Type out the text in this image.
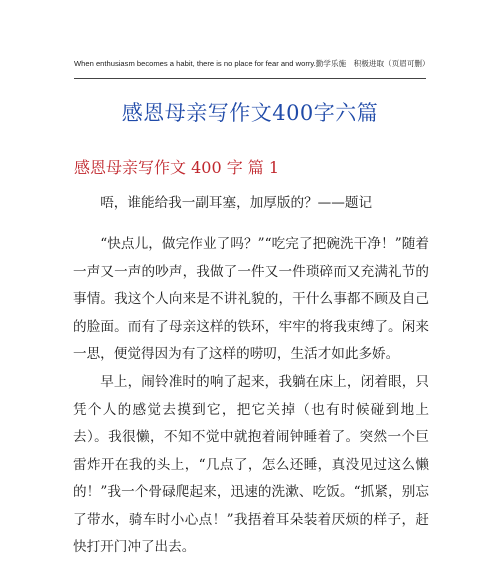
When enthusiasm becomes a habit, there is no place for fear and worry.勤学乐施　积极进取（页眉可删）
感恩母亲写作文400字六篇
感恩母亲写作文 400 字 篇 1

唔，谁能给我一副耳塞，加厚版的？——题记

“快点儿，做完作业了吗？”“吃完了把碗洗干净！”随着一声又一声的吵声，我做了一件又一件琐碎而又充满礼节的事情。我这个人向来是不讲礼貌的，干什么事都不顾及自己的脸面。而有了母亲这样的铁环，牢牢的将我束缚了。闲来一思，便觉得因为有了这样的唠叨，生活才如此多娇。

早上，闹铃准时的响了起来，我躺在床上，闭着眼，只凭个人的感觉去摸到它，把它关掉（也有时候碰到地上去）。我很懒，不知不觉中就抱着闹钟睡着了。突然一个巨雷炸开在我的头上，“几点了，怎么还睡，真没见过这么懒的！”我一个骨碌爬起来，迅速的洗漱、吃饭。“抓紧，别忘了带水，骑车时小心点！”我捂着耳朵装着厌烦的样子，赶快打开门冲了出去。
